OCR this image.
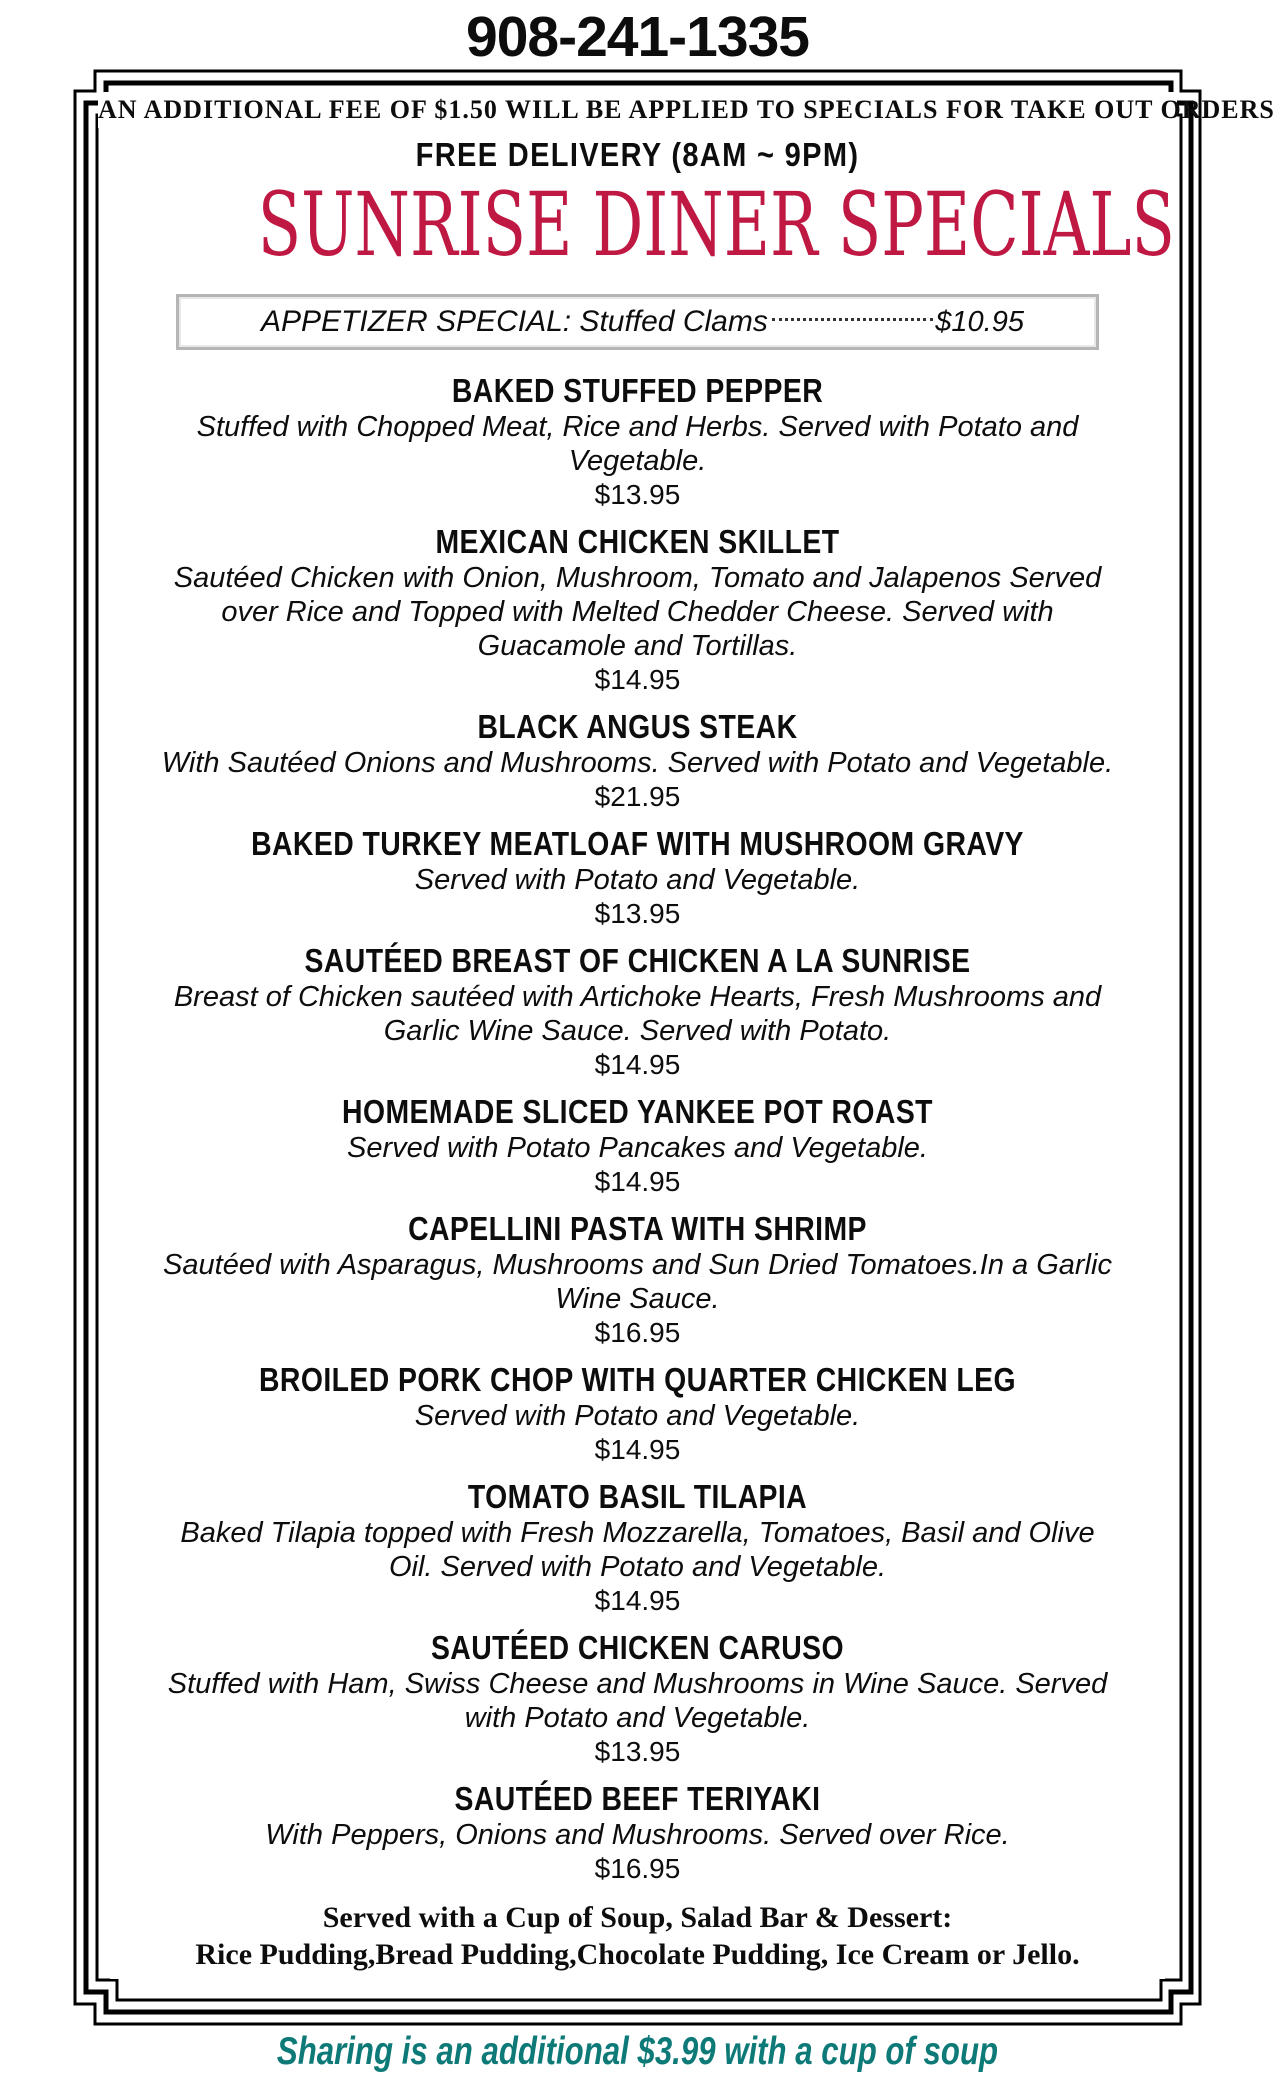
908-241-1335
AN ADDITIONAL FEE OF $1.50 WILL BE APPLIED TO SPECIALS FOR TAKE OUT ORDERS
FREE DELIVERY (8AM ~ 9PM)
SUNRISE DINER SPECIALS
APPETIZER SPECIAL: Stuffed Clams	$10.95
BAKED STUFFED PEPPER

Stuffed with Chopped Meat, Rice and Herbs. Served with Potato and Vegetable.

$13.95

MEXICAN CHICKEN SKILLET

Sautéed Chicken with Onion, Mushroom, Tomato and Jalapenos Served over Rice and Topped with Melted Chedder Cheese. Served with Guacamole and Tortillas.

$14.95

BLACK ANGUS STEAK

With Sautéed Onions and Mushrooms. Served with Potato and Vegetable.

$21.95

BAKED TURKEY MEATLOAF WITH MUSHROOM GRAVY

Served with Potato and Vegetable.

$13.95

SAUTÉED BREAST OF CHICKEN A LA SUNRISE

Breast of Chicken sautéed with Artichoke Hearts, Fresh Mushrooms and Garlic Wine Sauce. Served with Potato.

$14.95

HOMEMADE SLICED YANKEE POT ROAST

Served with Potato Pancakes and Vegetable.

$14.95

CAPELLINI PASTA WITH SHRIMP

Sautéed with Asparagus, Mushrooms and Sun Dried Tomatoes.In a Garlic Wine Sauce.

$16.95

BROILED PORK CHOP WITH QUARTER CHICKEN LEG

Served with Potato and Vegetable.

$14.95

TOMATO BASIL TILAPIA

Baked Tilapia topped with Fresh Mozzarella, Tomatoes, Basil and Olive Oil. Served with Potato and Vegetable.

$14.95

SAUTÉED CHICKEN CARUSO

Stuffed with Ham, Swiss Cheese and Mushrooms in Wine Sauce. Served with Potato and Vegetable.

$13.95

SAUTÉED BEEF TERIYAKI

With Peppers, Onions and Mushrooms. Served over Rice.

$16.95

Served with a Cup of Soup, Salad Bar & Dessert:
Rice Pudding,Bread Pudding,Chocolate Pudding, Ice Cream or Jello.
Sharing is an additional $3.99 with a cup of soup
